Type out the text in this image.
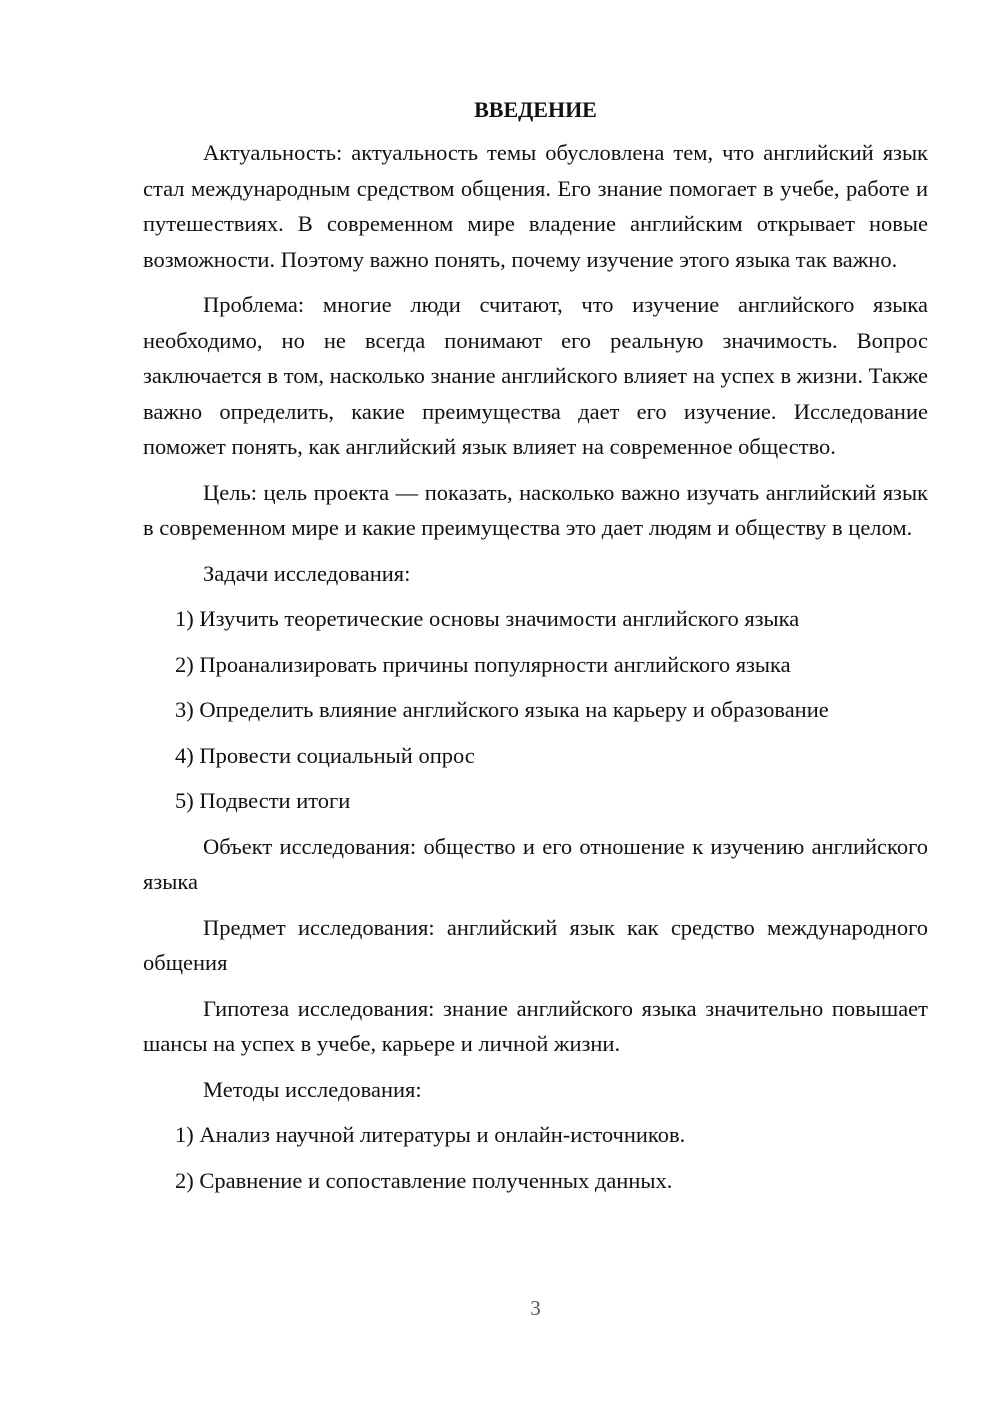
ВВЕДЕНИЕ

Актуальность: актуальность темы обусловлена тем, что английский язык стал международным средством общения. Его знание помогает в учебе, работе и путешествиях. В современном мире владение английским открывает новые возможности. Поэтому важно понять, почему изучение этого языка так важно.

Проблема: многие люди считают, что изучение английского языка необходимо, но не всегда понимают его реальную значимость. Вопрос заключается в том, насколько знание английского влияет на успех в жизни. Также важно определить, какие преимущества дает его изучение. Исследование поможет понять, как английский язык влияет на современное общество.

Цель: цель проекта — показать, насколько важно изучать английский язык в современном мире и какие преимущества это дает людям и обществу в целом.

Задачи исследования:

1) Изучить теоретические основы значимости английского языка

2) Проанализировать причины популярности английского языка

3) Определить влияние английского языка на карьеру и образование

4) Провести социальный опрос

5) Подвести итоги

Объект исследования: общество и его отношение к изучению английского языка

Предмет исследования: английский язык как средство международного общения

Гипотеза исследования: знание английского языка значительно повышает шансы на успех в учебе, карьере и личной жизни.

Методы исследования:

1) Анализ научной литературы и онлайн-источников.

2) Сравнение и сопоставление полученных данных.

3
